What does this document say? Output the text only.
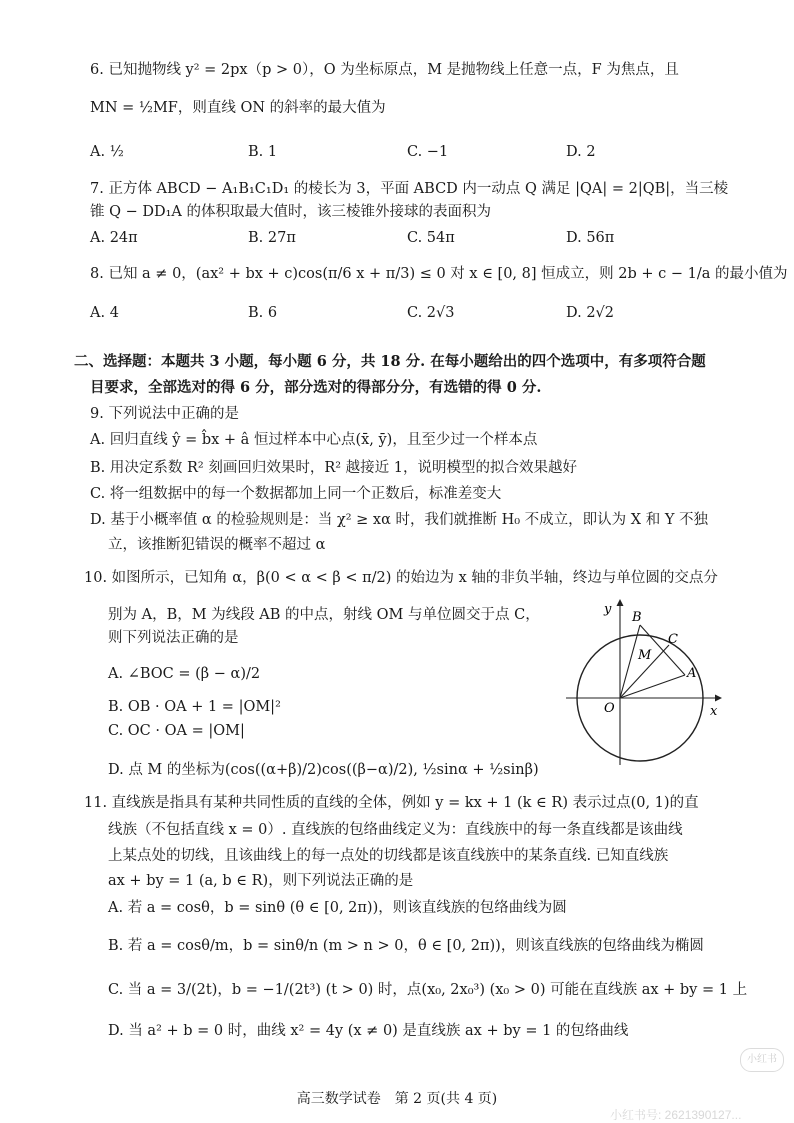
6. 已知抛物线 y² = 2px（p > 0），O 为坐标原点，M 是抛物线上任意一点，F 为焦点，且
MN = ½MF，则直线 ON 的斜率的最大值为
A. ½	B. 1	C. −1	D. 2
7. 正方体 ABCD − A₁B₁C₁D₁ 的棱长为 3，平面 ABCD 内一动点 Q 满足 |QA| = 2|QB|，当三棱
锥 Q − DD₁A 的体积取最大值时，该三棱锥外接球的表面积为
A. 24π	B. 27π	C. 54π	D. 56π
8. 已知 a ≠ 0，(ax² + bx + c)cos(π/6 x + π/3) ≤ 0 对 x ∈ [0, 8] 恒成立，则 2b + c − 1/a 的最小值为
A. 4	B. 6	C. 2√3	D. 2√2
二、选择题：本题共 3 小题，每小题 6 分，共 18 分. 在每小题给出的四个选项中，有多项符合题
目要求，全部选对的得 6 分，部分选对的得部分分，有选错的得 0 分.
9. 下列说法中正确的是
A. 回归直线 ŷ = b̂x + â 恒过样本中心点(x̄, ȳ)，且至少过一个样本点
B. 用决定系数 R² 刻画回归效果时，R² 越接近 1，说明模型的拟合效果越好
C. 将一组数据中的每一个数据都加上同一个正数后，标准差变大
D. 基于小概率值 α 的检验规则是：当 χ² ≥ xα 时，我们就推断 H₀ 不成立，即认为 X 和 Y 不独
立，该推断犯错误的概率不超过 α
10. 如图所示，已知角 α，β(0 < α < β < π/2) 的始边为 x 轴的非负半轴，终边与单位圆的交点分
别为 A，B，M 为线段 AB 的中点，射线 OM 与单位圆交于点 C，
则下列说法正确的是
A. ∠BOC = (β − α)/2
B. OB · OA + 1 = |OM|²
C. OC · OA = |OM|
D. 点 M 的坐标为(cos((α+β)/2)cos((β−α)/2), ½sinα + ½sinβ)
11. 直线族是指具有某种共同性质的直线的全体，例如 y = kx + 1 (k ∈ R) 表示过点(0, 1)的直
线族（不包括直线 x = 0）. 直线族的包络曲线定义为：直线族中的每一条直线都是该曲线
上某点处的切线，且该曲线上的每一点处的切线都是该直线族中的某条直线. 已知直线族
ax + by = 1 (a, b ∈ R)，则下列说法正确的是
A. 若 a = cosθ，b = sinθ (θ ∈ [0, 2π))，则该直线族的包络曲线为圆
B. 若 a = cosθ/m，b = sinθ/n (m > n > 0，θ ∈ [0, 2π))，则该直线族的包络曲线为椭圆
C. 当 a = 3/(2t)，b = −1/(2t³) (t > 0) 时，点(x₀, 2x₀³) (x₀ > 0) 可能在直线族 ax + by = 1 上
D. 当 a² + b = 0 时，曲线 x² = 4y (x ≠ 0) 是直线族 ax + by = 1 的包络曲线
y
x
O
B
C
M
A
高三数学试卷　第 2 页(共 4 页)
小红书
小红书号: 2621390127...
